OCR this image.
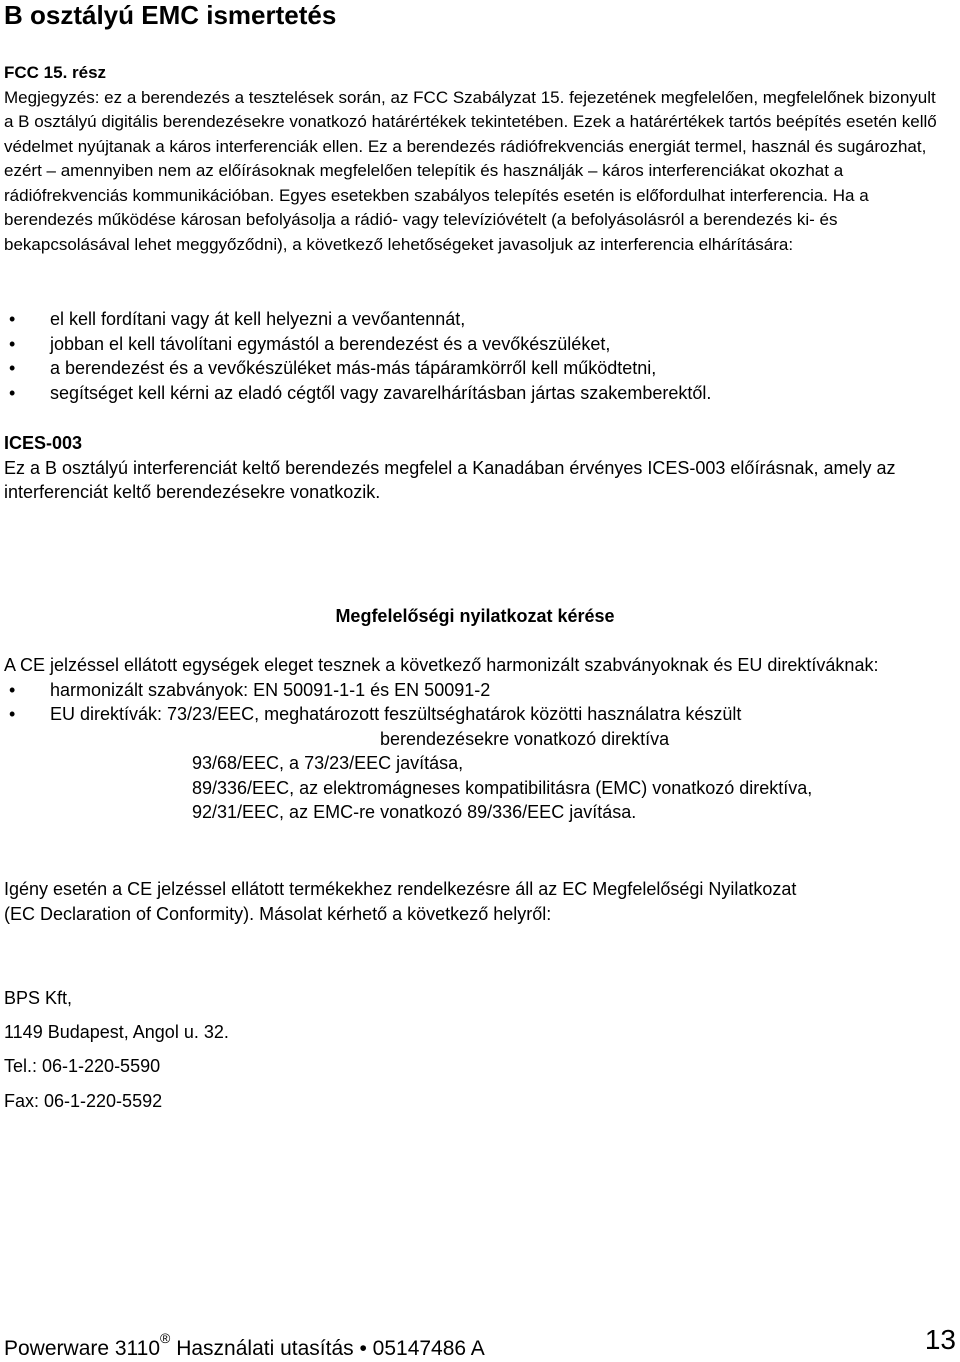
B osztályú EMC ismertetés

FCC 15. rész

Megjegyzés: ez a berendezés a tesztelések során, az FCC Szabályzat 15. fejezetének megfelelően, megfelelőnek bizonyult a B osztályú digitális berendezésekre vonatkozó határértékek tekintetében. Ezek a határértékek tartós beépítés esetén kellő védelmet nyújtanak a káros interferenciák ellen. Ez a berendezés rádiófrekvenciás energiát termel, használ és sugározhat, ezért – amennyiben nem az előírásoknak megfelelően telepítik és használják – káros interferenciákat okozhat a rádiófrekvenciás kommunikációban. Egyes esetekben szabályos telepítés esetén is előfordulhat interferencia. Ha a berendezés működése károsan befolyásolja a rádió- vagy televízióvételt (a befolyásolásról a berendezés ki- és bekapcsolásával lehet meggyőződni), a következő lehetőségeket javasoljuk az interferencia elhárítására:

• el kell fordítani vagy át kell helyezni a vevőantennát,
• jobban el kell távolítani egymástól a berendezést és a vevőkészüléket,
• a berendezést és a vevőkészüléket más-más tápáramkörről kell működtetni,
• segítséget kell kérni az eladó cégtől vagy zavarelhárításban jártas szakemberektől.

ICES-003

Ez a B osztályú interferenciát keltő berendezés megfelel a Kanadában érvényes ICES-003 előírásnak, amely az interferenciát keltő berendezésekre vonatkozik.

Megfelelőségi nyilatkozat kérése

A CE jelzéssel ellátott egységek eleget tesznek a következő harmonizált szabványoknak és EU direktíváknak:

• harmonizált szabványok: EN 50091-1-1 és EN 50091-2
• EU direktívák: 73/23/EEC, meghatározott feszültséghatárok közötti használatra készült

berendezésekre vonatkozó direktíva

93/68/EEC, a 73/23/EEC javítása,

89/336/EEC, az elektromágneses kompatibilitásra (EMC) vonatkozó direktíva,

92/31/EEC, az EMC-re vonatkozó 89/336/EEC javítása.

Igény esetén a CE jelzéssel ellátott termékekhez rendelkezésre áll az EC Megfelelőségi Nyilatkozat

(EC Declaration of Conformity). Másolat kérhető a következő helyről:

BPS Kft,
1149 Budapest, Angol u. 32.
Tel.: 06-1-220-5590
Fax: 06-1-220-5592
Powerware 3110® Használati utasítás • 05147486 A	13
